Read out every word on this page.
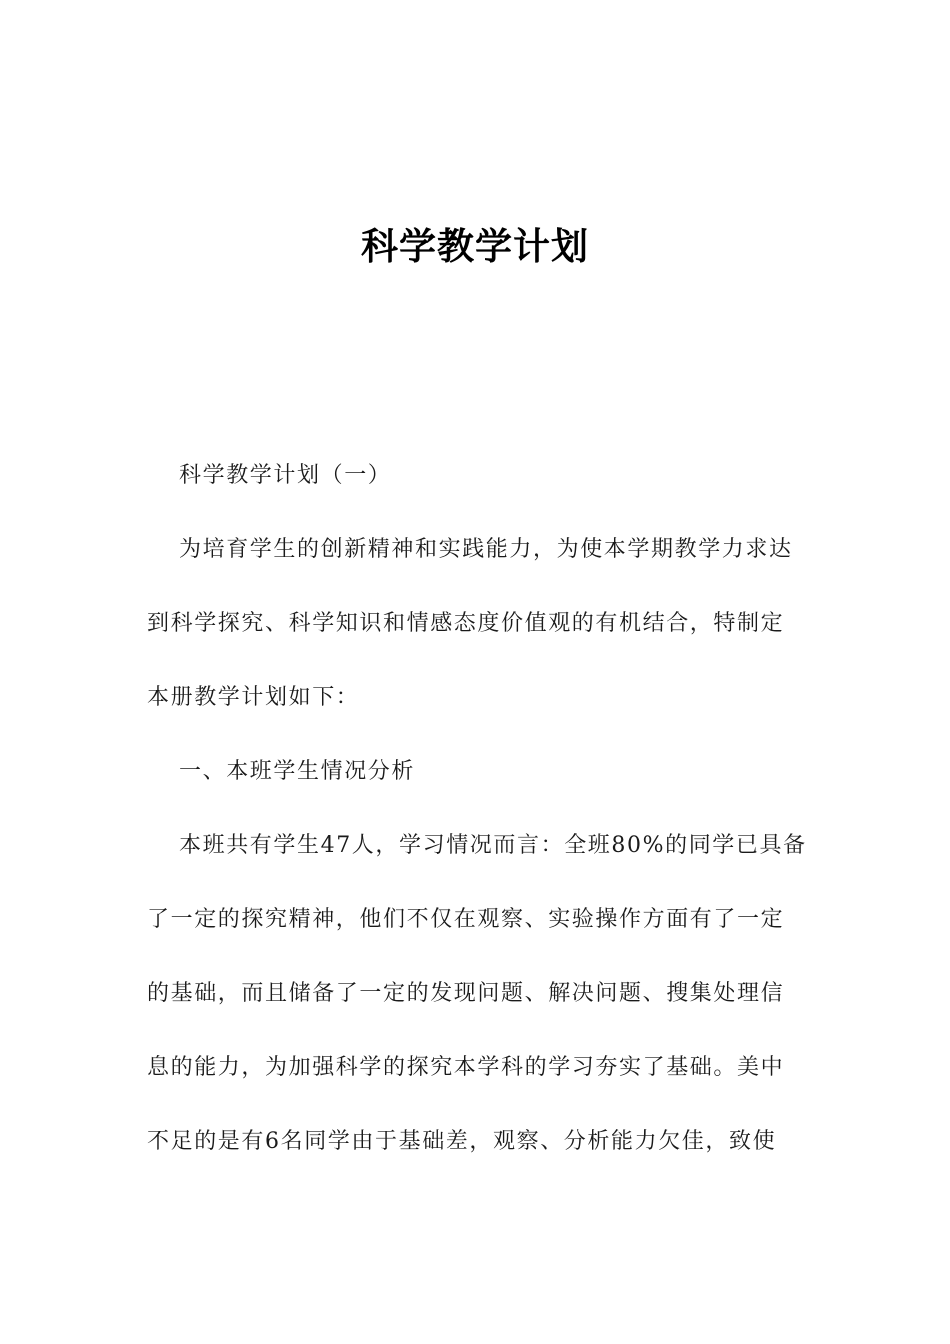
科学教学计划
科学教学计划（一）
为培育学生的创新精神和实践能力，为使本学期教学力求达
到科学探究、科学知识和情感态度价值观的有机结合，特制定
本册教学计划如下：
一、本班学生情况分析
本班共有学生47人，学习情况而言：全班80%的同学已具备
了一定的探究精神，他们不仅在观察、实验操作方面有了一定
的基础，而且储备了一定的发现问题、解决问题、搜集处理信
息的能力，为加强科学的探究本学科的学习夯实了基础。美中
不足的是有6名同学由于基础差，观察、分析能力欠佳，致使
